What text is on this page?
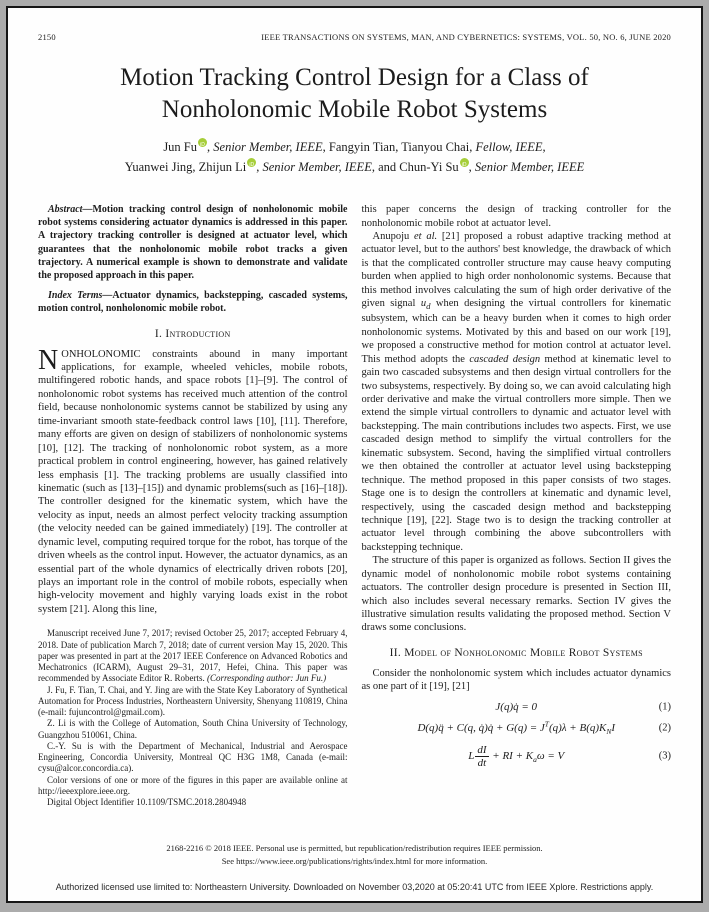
2150	IEEE TRANSACTIONS ON SYSTEMS, MAN, AND CYBERNETICS: SYSTEMS, VOL. 50, NO. 6, JUNE 2020
Motion Tracking Control Design for a Class of
Nonholonomic Mobile Robot Systems
Jun Fu iD , Senior Member, IEEE, Fangyin Tian, Tianyou Chai, Fellow, IEEE,
Yuanwei Jing, Zhijun Li iD , Senior Member, IEEE, and Chun-Yi Su iD , Senior Member, IEEE

Abstract—Motion tracking control design of nonholonomic mobile robot systems considering actuator dynamics is addressed in this paper. A trajectory tracking controller is designed at actuator level, which guarantees that the nonholonomic mobile robot tracks a given trajectory. A numerical example is shown to demonstrate and validate the proposed approach in this paper.

Index Terms—Actuator dynamics, backstepping, cascaded systems, motion control, nonholonomic mobile robot.

I. Introduction

NONHOLONOMIC constraints abound in many important applications, for example, wheeled vehicles, mobile robots, multifingered robotic hands, and space robots [1]–[9]. The control of nonholonomic robot systems has received much attention of the control field, because nonholonomic systems cannot be stabilized by using any time-invariant smooth state-feedback control laws [10], [11]. Therefore, many efforts are given on design of stabilizers of nonholonomic systems [10], [12]. The tracking of nonholonomic robot system, as a more practical problem in control engineering, however, has gained relatively less emphasis [1]. The tracking problems are usually classified into kinematic (such as [13]–[15]) and dynamic problems(such as [16]–[18]). The controller designed for the kinematic system, which have the velocity as input, needs an almost perfect velocity tracking assumption (the velocity needed can be gained immediately) [19]. The controller at dynamic level, computing required torque for the robot, has torque of the driven wheels as the control input. However, the actuator dynamics, as an essential part of the whole dynamics of electrically driven robots [20], plays an important role in the control of mobile robots, especially when high-velocity movement and highly varying loads exist in the robot system [21]. Along this line,

Manuscript received June 7, 2017; revised October 25, 2017; accepted February 4, 2018. Date of publication March 7, 2018; date of current version May 15, 2020. This paper was presented in part at the 2017 IEEE Conference on Advanced Robotics and Mechatronics (ICARM), August 29–31, 2017, Hefei, China. This paper was recommended by Associate Editor R. Roberts. (Corresponding author: Jun Fu.)

J. Fu, F. Tian, T. Chai, and Y. Jing are with the State Key Laboratory of Synthetical Automation for Process Industries, Northeastern University, Shenyang 110819, China (e-mail: fujuncontrol@gmail.com).

Z. Li is with the College of Automation, South China University of Technology, Guangzhou 510061, China.

C.-Y. Su is with the Department of Mechanical, Industrial and Aerospace Engineering, Concordia University, Montreal QC H3G 1M8, Canada (e-mail: cysu@alcor.concordia.ca).

Color versions of one or more of the figures in this paper are available online at http://ieeexplore.ieee.org.

Digital Object Identifier 10.1109/TSMC.2018.2804948

this paper concerns the design of tracking controller for the nonholonomic mobile robot at actuator level.

Anupoju et al. [21] proposed a robust adaptive tracking method at actuator level, but to the authors' best knowledge, the drawback of which is that the complicated controller structure may cause heavy computing burden when applied to high order nonholonomic systems. Because that this method involves calculating the sum of high order derivative of the given signal $u_d$ when designing the virtual controllers for kinematic subsystem, which can be a heavy burden when it comes to high order nonholonomic systems. Motivated by this and based on our work [19], we proposed a constructive method for motion control at actuator level. This method adopts the cascaded design method at kinematic level to gain two cascaded subsystems and then design virtual controllers for the two subsystems, respectively. By doing so, we can avoid calculating high order derivative and make the virtual controllers more simple. Then we extend the simple virtual controllers to dynamic and actuator level with backstepping. The main contributions includes two aspects. First, we use cascaded design method to simplify the virtual controllers for the kinematic subsystem. Second, having the simplified virtual controllers we then obtained the controller at actuator level using backstepping technique. The method proposed in this paper consists of two stages. Stage one is to design the controllers at kinematic and dynamic level, respectively, using the cascaded design method and backstepping technique [19], [22]. Stage two is to design the tracking controller at actuator level through combining the above subcontrollers with backstepping technique.

The structure of this paper is organized as follows. Section II gives the dynamic model of nonholonomic mobile robot systems containing actuators. The controller design procedure is presented in Section III, which also includes several necessary remarks. Section IV gives the illustrative simulation results validating the proposed method. Section V draws some conclusions.

II. Model of Nonholonomic Mobile Robot Systems

Consider the nonholonomic system which includes actuator dynamics as one part of it [19], [21]

J(q)q̇ = 0	(1)
D(q)q̈ + C(q, q̇)q̇ + $G(q) = J^T(q)\lambda + B(q)K_NI$	(2)
L $\frac{dI}{dt}$ + RI + $K_a\omega = V$	(3)
2168-2216 © 2018 IEEE. Personal use is permitted, but republication/redistribution requires IEEE permission.
See https://www.ieee.org/publications/rights/index.html for more information.
Authorized licensed use limited to: Northeastern University. Downloaded on November 03,2020 at 05:20:41 UTC from IEEE Xplore. Restrictions apply.
